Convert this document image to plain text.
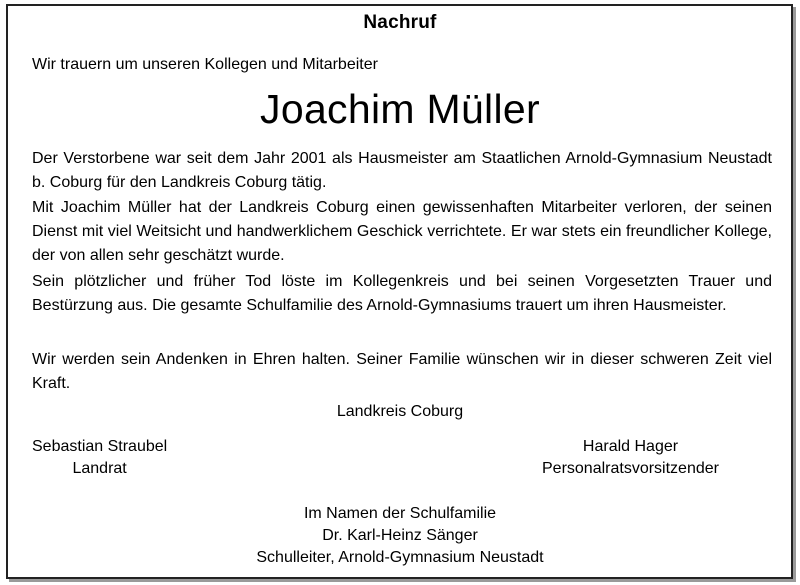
Nachruf
Wir trauern um unseren Kollegen und Mitarbeiter
Joachim Müller

Der Verstorbene war seit dem Jahr 2001 als Hausmeister am Staatlichen Arnold-Gymnasium Neustadt b. Coburg für den Landkreis Coburg tätig.

Mit Joachim Müller hat der Landkreis Coburg einen gewissenhaften Mitarbeiter verloren, der seinen Dienst mit viel Weitsicht und handwerklichem Geschick verrichtete. Er war stets ein freundlicher Kollege, der von allen sehr geschätzt wurde.

Sein plötzlicher und früher Tod löste im Kollegenkreis und bei seinen Vorgesetzten Trauer und Bestürzung aus. Die gesamte Schulfamilie des Arnold-Gymnasiums trauert um ihren Hausmeister.

Wir werden sein Andenken in Ehren halten. Seiner Familie wünschen wir in dieser schweren Zeit viel Kraft.

Landkreis Coburg
Sebastian Straubel
Landrat
Harald Hager
Personalratsvorsitzender
Im Namen der Schulfamilie
Dr. Karl-Heinz Sänger
Schulleiter, Arnold-Gymnasium Neustadt
